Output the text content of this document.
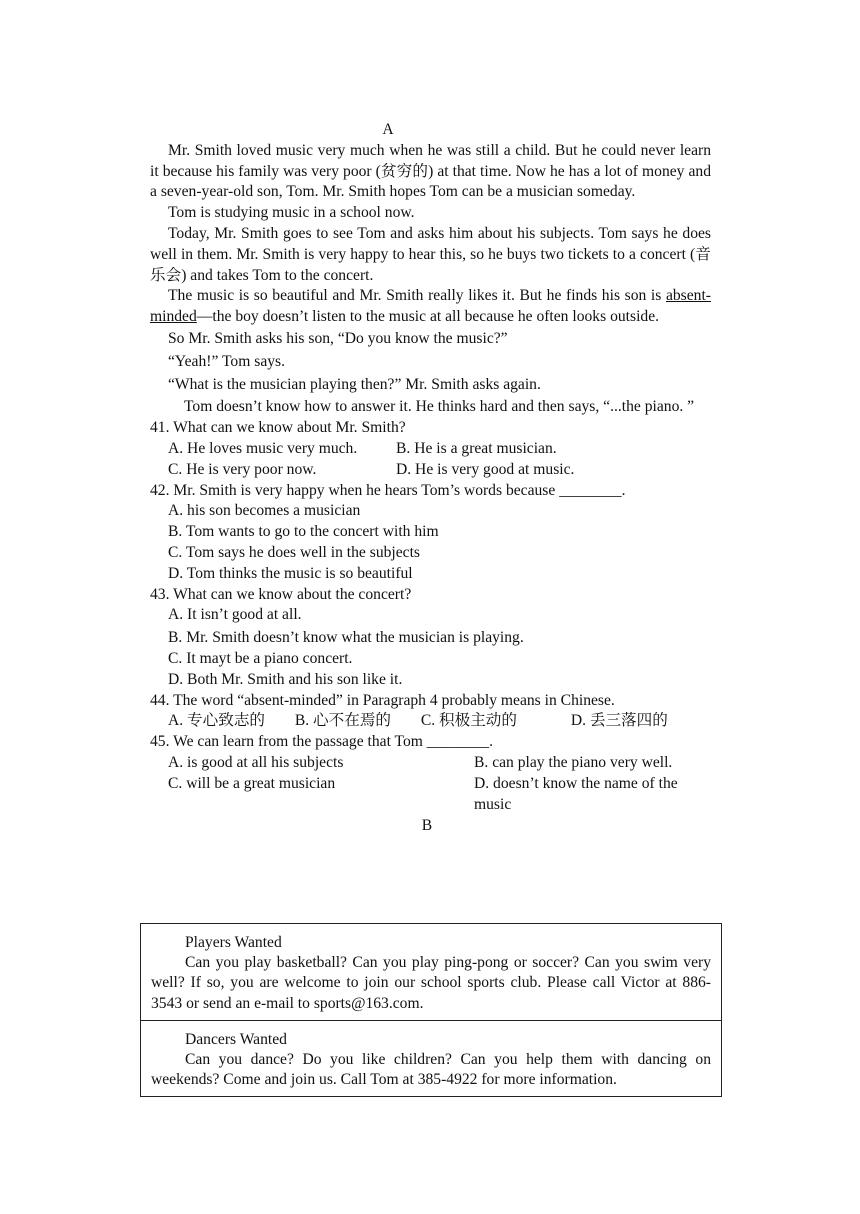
A

Mr. Smith loved music very much when he was still a child. But he could never learn it because his family was very poor (贫穷的) at that time. Now he has a lot of money and a seven-year-old son, Tom. Mr. Smith hopes Tom can be a musician someday.

Tom is studying music in a school now.

Today, Mr. Smith goes to see Tom and asks him about his subjects. Tom says he does well in them. Mr. Smith is very happy to hear this, so he buys two tickets to a concert (音乐会) and takes Tom to the concert.

The music is so beautiful and Mr. Smith really likes it. But he finds his son is absent-minded—the boy doesn’t listen to the music at all because he often looks outside.

So Mr. Smith asks his son, “Do you know the music?”

“Yeah!” Tom says.

“What is the musician playing then?” Mr. Smith asks again.

Tom doesn’t know how to answer it. He thinks hard and then says, “...the piano. ”

41. What can we know about Mr. Smith?

A. He loves music very much.	B. He is a great musician.
C. He is very poor now.	D. He is very good at music.

42. Mr. Smith is very happy when he hears Tom’s words because ________.

A. his son becomes a musician

B. Tom wants to go to the concert with him

C. Tom says he does well in the subjects

D. Tom thinks the music is so beautiful

43. What can we know about the concert?

A. It isn’t good at all.

B. Mr. Smith doesn’t know what the musician is playing.

C. It mayt be a piano concert.

D. Both Mr. Smith and his son like it.

44. The word “absent-minded” in Paragraph 4 probably means in Chinese.

A. 专心致志的 B. 心不在焉的 C. 积极主动的	D. 丢三落四的

45. We can learn from the passage that Tom ________.

A. is good at all his subjects	B. can play the piano very well.
C. will be a great musician	D. doesn’t know the name of the music

B

Players Wanted

Can you play basketball? Can you play ping-pong or soccer? Can you swim very well? If so, you are welcome to join our school sports club. Please call Victor at 886-3543 or send an e-mail to sports@163.com.

Dancers Wanted

Can you dance? Do you like children? Can you help them with dancing on weekends? Come and join us. Call Tom at 385-4922 for more information.
